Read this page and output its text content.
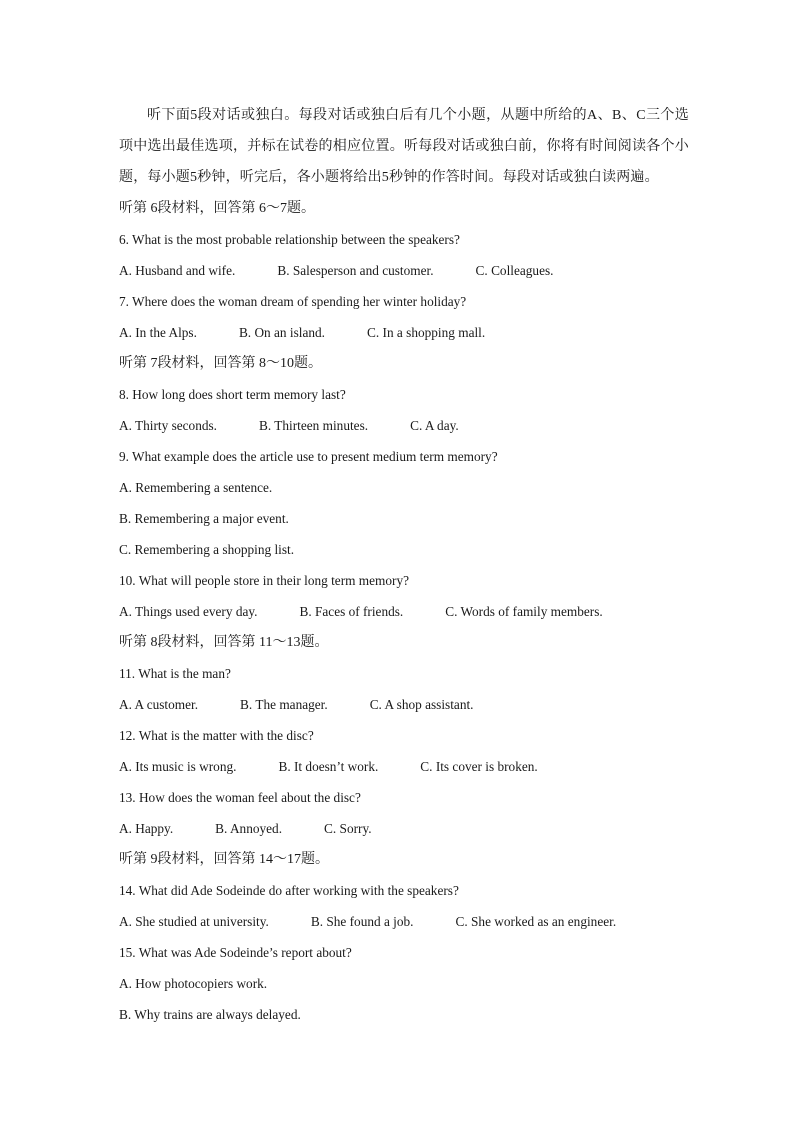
听下面5段对话或独白。每段对话或独白后有几个小题，从题中所给的A、B、C三个选项中选出最佳选项，并标在试卷的相应位置。听每段对话或独白前，你将有时间阅读各个小题，每小题5秒钟，听完后，各小题将给出5秒钟的作答时间。每段对话或独白读两遍。

听第 6段材料，回答第 6～7题。
6. What is the most probable relationship between the speakers?
A. Husband and wife.	B. Salesperson and customer.	C. Colleagues.
7. Where does the woman dream of spending her winter holiday?
A. In the Alps.	B. On an island.	C. In a shopping mall.
听第 7段材料，回答第 8～10题。
8. How long does short term memory last?
A. Thirty seconds.	B. Thirteen minutes.	C. A day.
9. What example does the article use to present medium term memory?
A. Remembering a sentence.
B. Remembering a major event.
C. Remembering a shopping list.
10. What will people store in their long term memory?
A. Things used every day.	B. Faces of friends.	C. Words of family members.
听第 8段材料，回答第 11～13题。
11. What is the man?
A. A customer.	B. The manager.	C. A shop assistant.
12. What is the matter with the disc?
A. Its music is wrong.	B. It doesn’t work.	C. Its cover is broken.
13. How does the woman feel about the disc?
A. Happy.	B. Annoyed.	C. Sorry.
听第 9段材料，回答第 14～17题。
14. What did Ade Sodeinde do after working with the speakers?
A. She studied at university.	B. She found a job.	C. She worked as an engineer.
15. What was Ade Sodeinde’s report about?
A. How photocopiers work.
B. Why trains are always delayed.
